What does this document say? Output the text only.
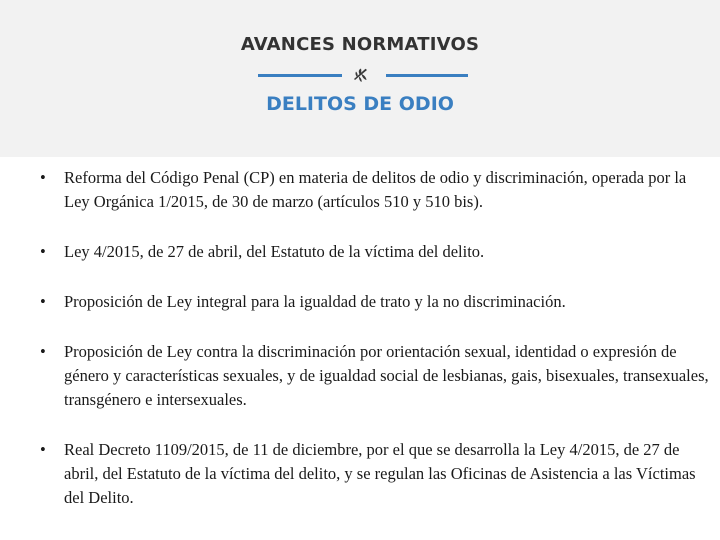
AVANCES NORMATIVOS
DELITOS DE ODIO
• Reforma del Código Penal (CP) en materia de delitos de odio y discriminación, operada por la Ley Orgánica 1/2015, de 30 de marzo (artículos 510 y 510 bis).
• Ley 4/2015, de 27 de abril, del Estatuto de la víctima del delito.
• Proposición de Ley integral para la igualdad de trato y la no discriminación.
• Proposición de Ley contra la discriminación por orientación sexual, identidad o expresión de género y características sexuales, y de igualdad social de lesbianas, gais, bisexuales, transexuales, transgénero e intersexuales.
• Real Decreto 1109/2015, de 11 de diciembre, por el que se desarrolla la Ley 4/2015, de 27 de abril, del Estatuto de la víctima del delito, y se regulan las Oficinas de Asistencia a las Víctimas del Delito.
